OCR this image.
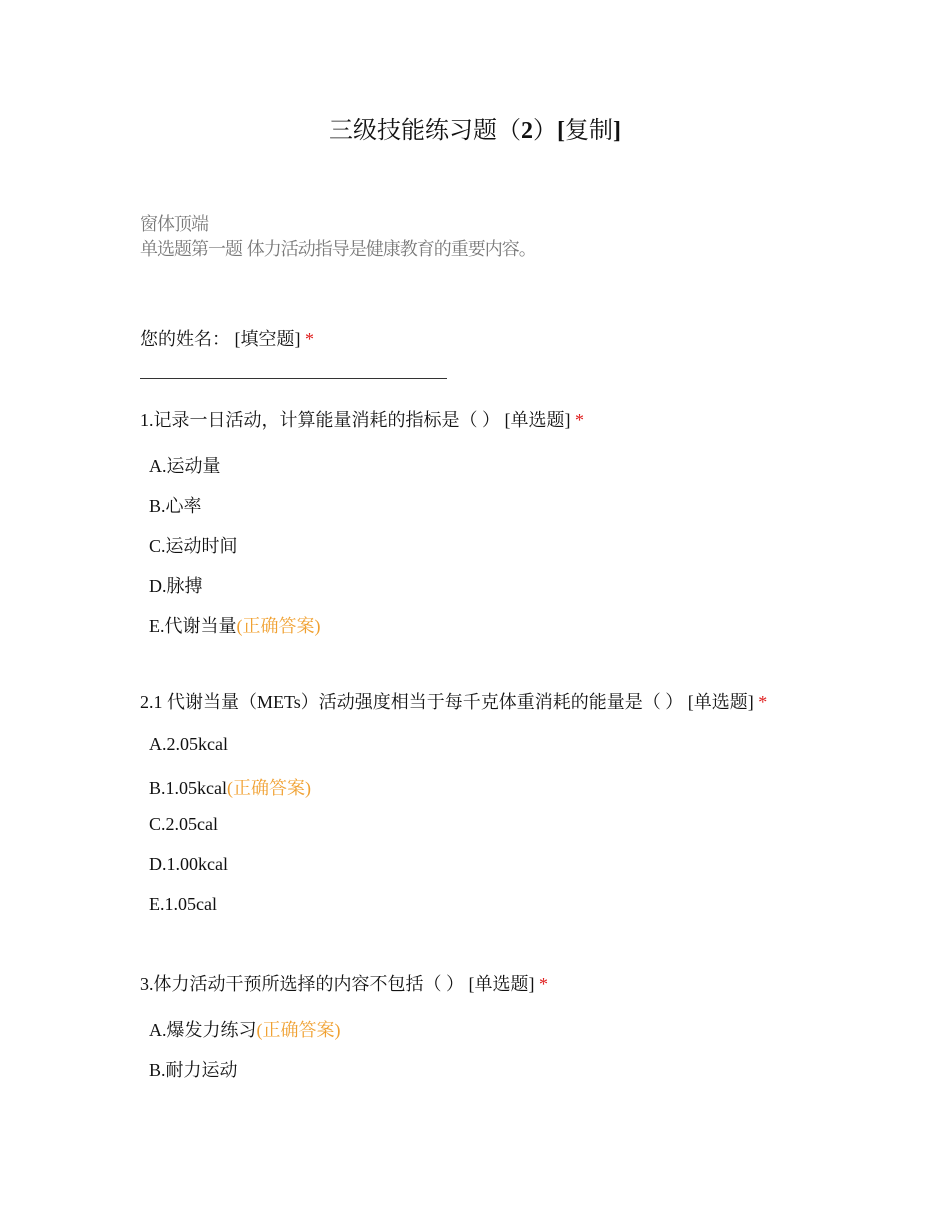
三级技能练习题（2）[复制]
窗体顶端
单选题第一题 体力活动指导是健康教育的重要内容。
您的姓名： [填空题] *
1.记录一日活动，计算能量消耗的指标是（ ） [单选题] *
A.运动量
B.心率
C.运动时间
D.脉搏
E.代谢当量(正确答案)
2.1 代谢当量（METs）活动强度相当于每千克体重消耗的能量是（ ） [单选题] *
A.2.05kcal
B.1.05kcal(正确答案)
C.2.05cal
D.1.00kcal
E.1.05cal
3.体力活动干预所选择的内容不包括（ ） [单选题] *
A.爆发力练习(正确答案)
B.耐力运动
